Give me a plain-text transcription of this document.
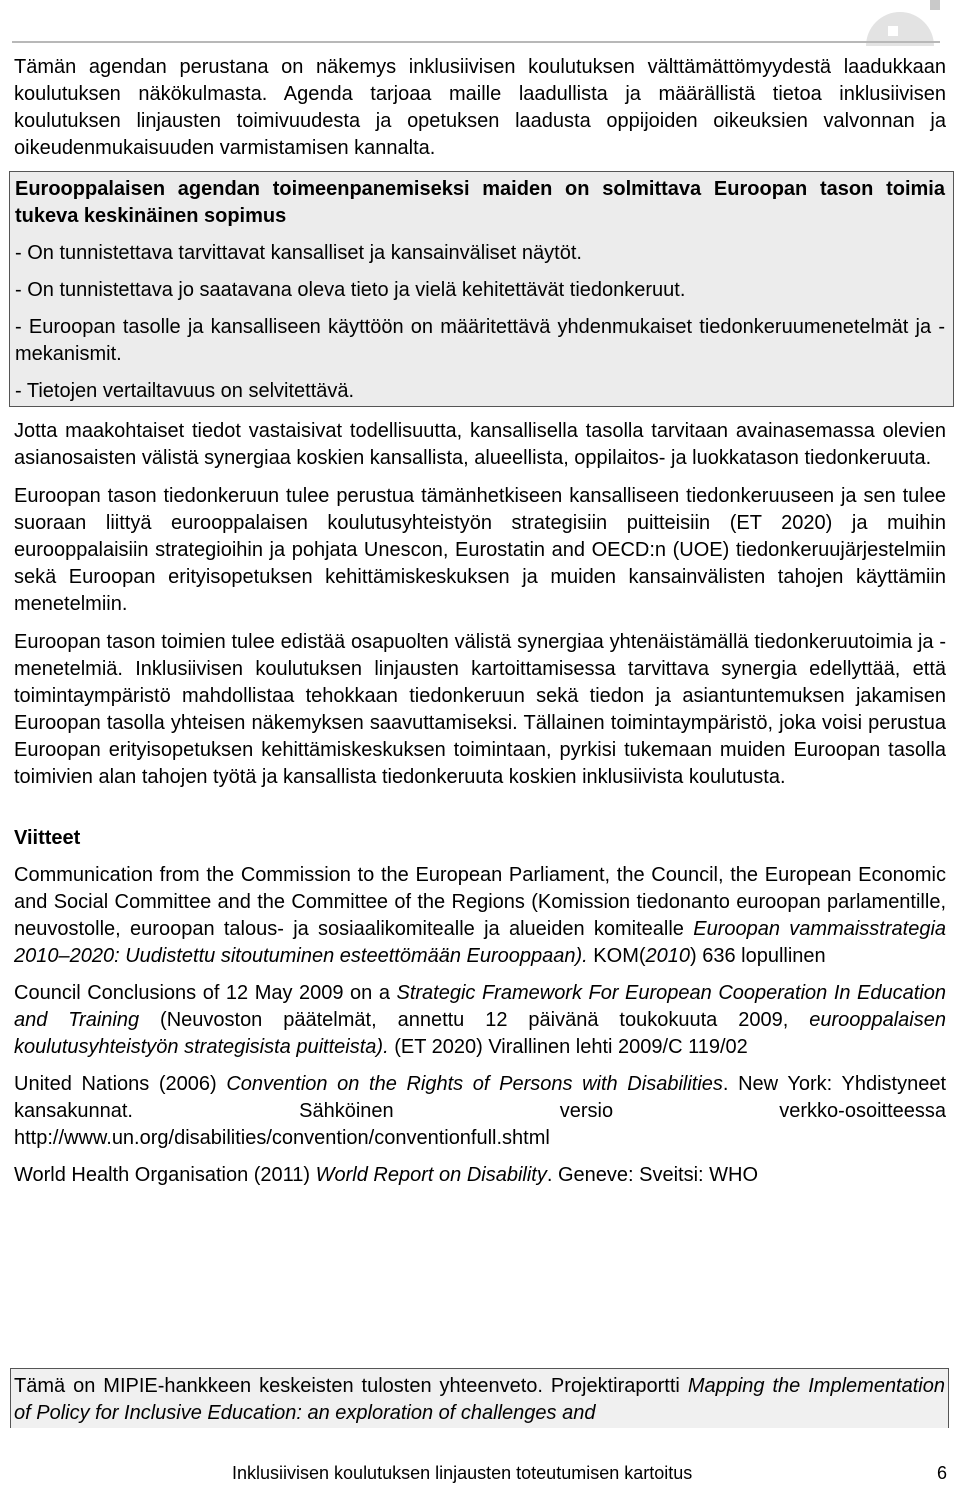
Tämän agendan perustana on näkemys inklusiivisen koulutuksen välttämättömyydestä laadukkaan koulutuksen näkökulmasta. Agenda tarjoaa maille laadullista ja määrällistä tietoa inklusiivisen koulutuksen linjausten toimivuudesta ja opetuksen laadusta oppijoiden oikeuksien valvonnan ja oikeudenmukaisuuden varmistamisen kannalta.

Eurooppalaisen agendan toimeenpanemiseksi maiden on solmittava Euroopan tason toimia tukeva keskinäinen sopimus

- On tunnistettava tarvittavat kansalliset ja kansainväliset näytöt.

- On tunnistettava jo saatavana oleva tieto ja vielä kehitettävät tiedonkeruut.

- Euroopan tasolle ja kansalliseen käyttöön on määritettävä yhdenmukaiset tiedonkeruumenetelmät ja -mekanismit.

- Tietojen vertailtavuus on selvitettävä.

Jotta maakohtaiset tiedot vastaisivat todellisuutta, kansallisella tasolla tarvitaan avainasemassa olevien asianosaisten välistä synergiaa koskien kansallista, alueellista, oppilaitos- ja luokkatason tiedonkeruuta.

Euroopan tason tiedonkeruun tulee perustua tämänhetkiseen kansalliseen tiedonkeruuseen ja sen tulee suoraan liittyä eurooppalaisen koulutusyhteistyön strategisiin puitteisiin (ET 2020) ja muihin eurooppalaisiin strategioihin ja pohjata Unescon, Eurostatin and OECD:n (UOE) tiedonkeruujärjestelmiin sekä Euroopan erityisopetuksen kehittämiskeskuksen ja muiden kansainvälisten tahojen käyttämiin menetelmiin.

Euroopan tason toimien tulee edistää osapuolten välistä synergiaa yhtenäistämällä tiedonkeruutoimia ja -menetelmiä. Inklusiivisen koulutuksen linjausten kartoittamisessa tarvittava synergia edellyttää, että toimintaympäristö mahdollistaa tehokkaan tiedonkeruun sekä tiedon ja asiantuntemuksen jakamisen Euroopan tasolla yhteisen näkemyksen saavuttamiseksi. Tällainen toimintaympäristö, joka voisi perustua Euroopan erityisopetuksen kehittämiskeskuksen toimintaan, pyrkisi tukemaan muiden Euroopan tasolla toimivien alan tahojen työtä ja kansallista tiedonkeruuta koskien inklusiivista koulutusta.

Viitteet

Communication from the Commission to the European Parliament, the Council, the European Economic and Social Committee and the Committee of the Regions (Komission tiedonanto euroopan parlamentille, neuvostolle, euroopan talous- ja sosiaalikomitealle ja alueiden komitealle Euroopan vammaisstrategia 2010–2020: Uudistettu sitoutuminen esteettömään Eurooppaan). KOM(2010) 636 lopullinen

Council Conclusions of 12 May 2009 on a Strategic Framework For European Cooperation In Education and Training (Neuvoston päätelmät, annettu 12 päivänä toukokuuta 2009, eurooppalaisen koulutusyhteistyön strategisista puitteista). (ET 2020) Virallinen lehti 2009/C 119/02

United Nations (2006) Convention on the Rights of Persons with Disabilities. New York: Yhdistyneet kansakunnat. Sähköinen versio verkko-osoitteessa http://www.un.org/disabilities/convention/conventionfull.shtml

World Health Organisation (2011) World Report on Disability. Geneve: Sveitsi: WHO

Tämä on MIPIE-hankkeen keskeisten tulosten yhteenveto. Projektiraportti Mapping the Implementation of Policy for Inclusive Education: an exploration of challenges and

Inklusiivisen koulutuksen linjausten toteutumisen kartoitus	6
